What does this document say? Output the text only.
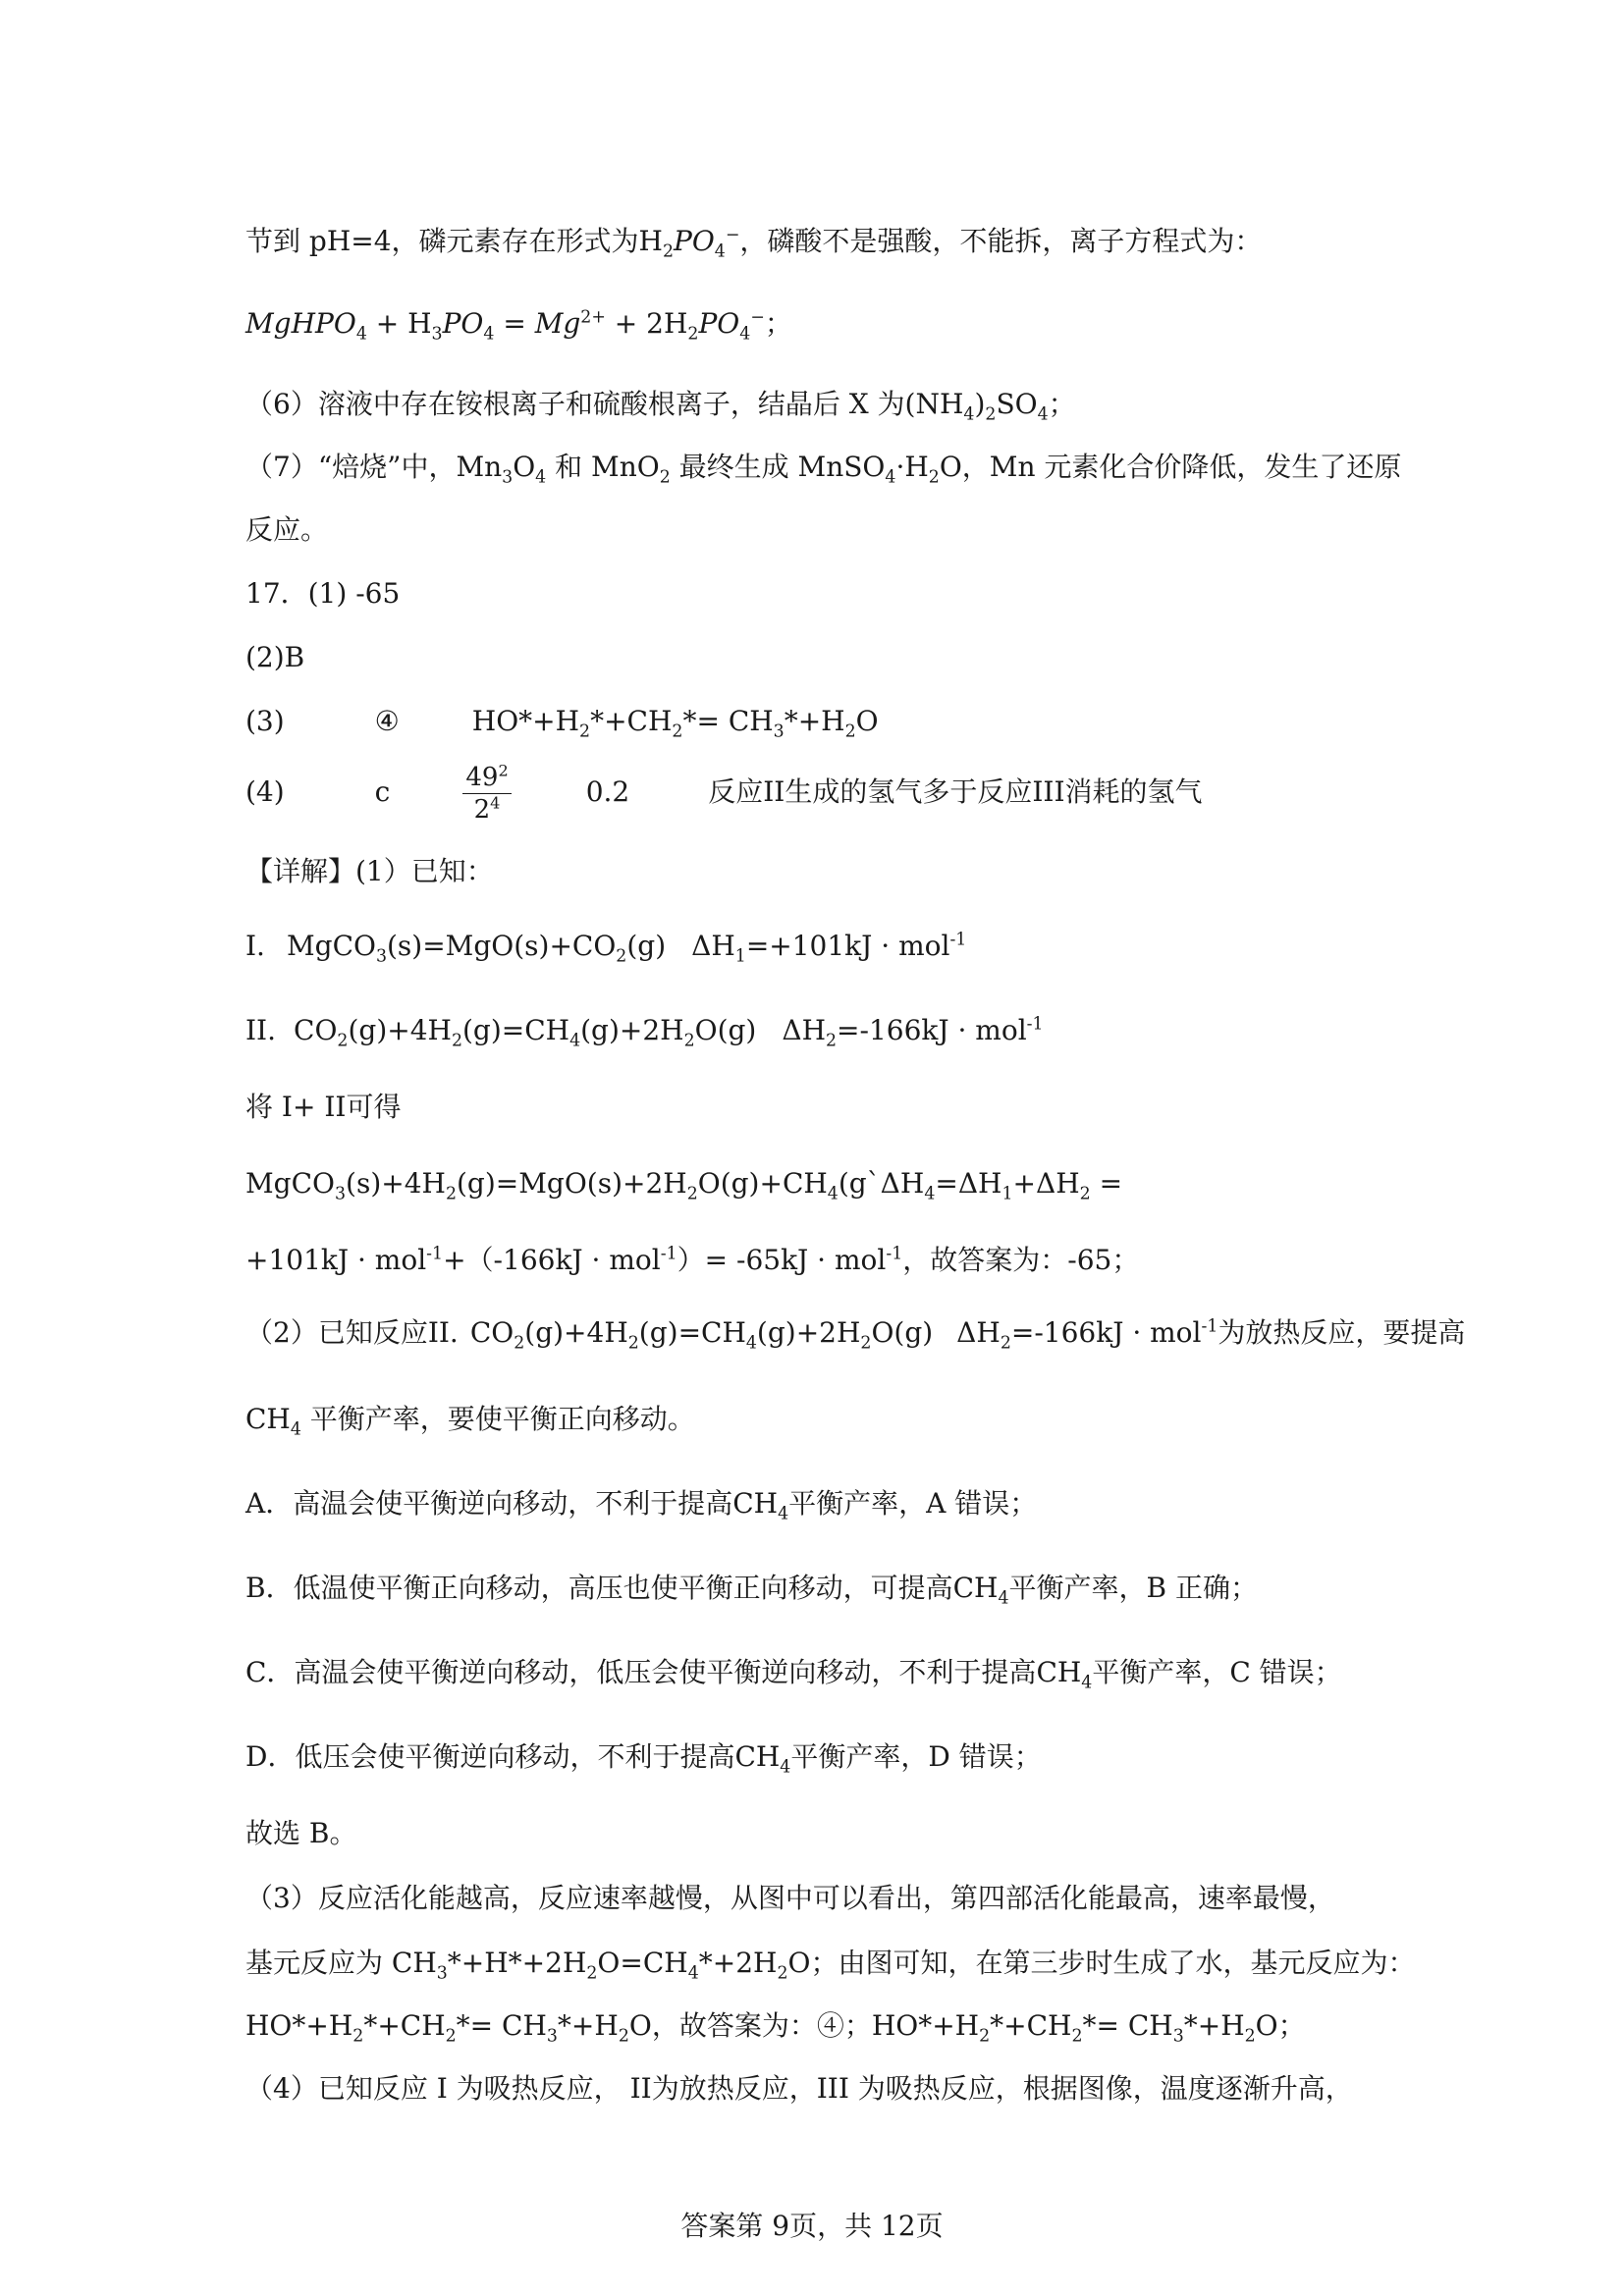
节到 pH=4，磷元素存在形式为$H_2PO_4^-$，磷酸不是强酸，不能拆，离子方程式为：
MgHPO$_4$ + $H_3PO_4 = Mg^{2+} + 2H_2PO_4^-$；
（6）溶液中存在铵根离子和硫酸根离子，结晶后 X 为$(NH_4)_2SO_4$；
（7）“焙烧”中，$Mn_3O_4$ 和 MnO$_2$ 最终生成 $MnSO_4\cdot H_2O$，Mn 元素化合价降低，发生了还原
反应。
17．(1) -65
(2)B
(3)	④	$HO*+H_2*+CH_2*= CH_3*+H_2O$
(4)	c	$\frac{49^2}{2^4}$	0.2	反应II生成的氢气多于反应III消耗的氢气
【详解】(1）已知：
I. $MgCO_3(s)=MgO(s)+CO_2(g) \Delta H_1=+101kJ \cdot mol^{-1}$
II. $CO_2(g)+4H_2(g)=CH_4(g)+2H_2O(g) \Delta H_2=-166kJ \cdot mol^{-1}$
将 I+ II可得
$MgCO_3(s)+4H_2(g)=MgO(s)+2H_2O(g)+CH_4(g`\Delta H_4=\Delta H_1+\Delta H_2$ =
+101kJ · mol$^{-1}$+（-166kJ · mol$^{-1}$）= -65kJ · mol$^{-1}$，故答案为：-65；
（2）已知反应II. $CO_2(g)+4H_2(g)=CH_4(g)+2H_2O(g) \Delta H_2=-166kJ \cdot mol^{-1}$为放热反应，要提高
$CH_4$ 平衡产率，要使平衡正向移动。
A．高温会使平衡逆向移动，不利于提高$CH_4$平衡产率，A 错误；
B．低温使平衡正向移动，高压也使平衡正向移动，可提高$CH_4$平衡产率，B 正确；
C．高温会使平衡逆向移动，低压会使平衡逆向移动，不利于提高$CH_4$平衡产率，C 错误；
D．低压会使平衡逆向移动，不利于提高$CH_4$平衡产率，D 错误；
故选 B。
（3）反应活化能越高，反应速率越慢，从图中可以看出，第四部活化能最高，速率最慢，
基元反应为 $CH_3*+H*+2H_2O=CH_4*+2H_2O$；由图可知，在第三步时生成了水，基元反应为：
$HO*+H_2*+CH_2*= CH_3*+H_2O$，故答案为：④；$HO*+H_2*+CH_2*= CH_3*+H_2O$；
（4）已知反应 I 为吸热反应， II为放热反应，III 为吸热反应，根据图像，温度逐渐升高，
答案第 9页，共 12页
